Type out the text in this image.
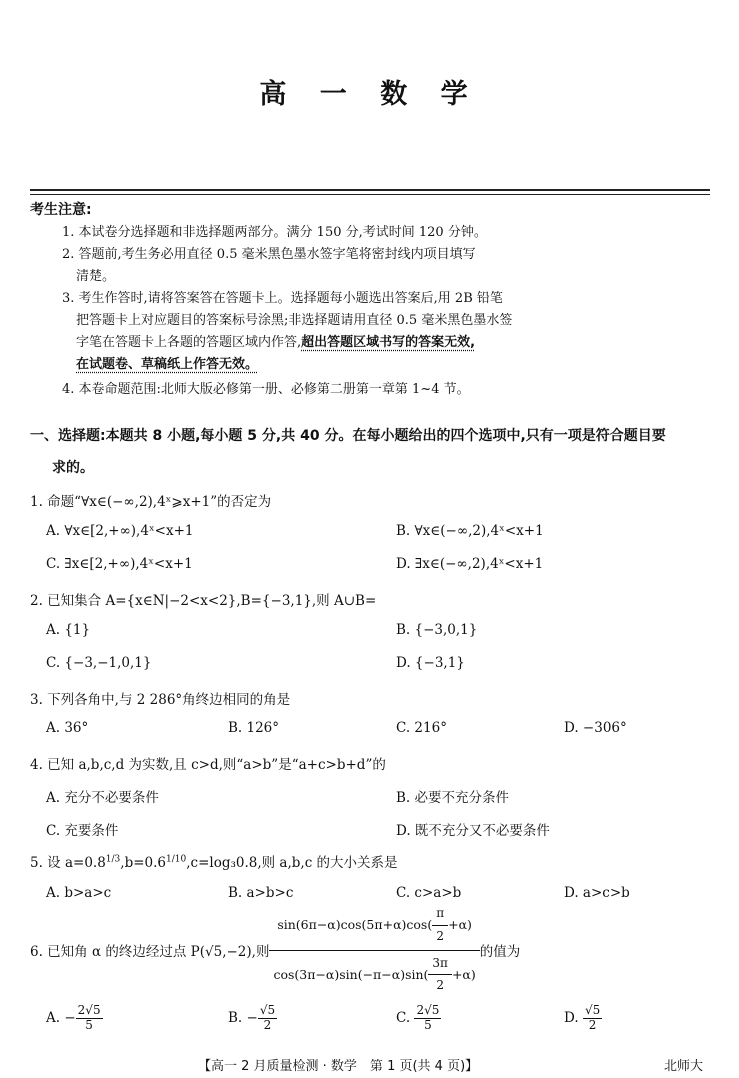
高 一 数 学
考生注意:
1. 本试卷分选择题和非选择题两部分。满分 150 分,考试时间 120 分钟。
2. 答题前,考生务必用直径 0.5 毫米黑色墨水签字笔将密封线内项目填写
清楚。
3. 考生作答时,请将答案答在答题卡上。选择题每小题选出答案后,用 2B 铅笔
把答题卡上对应题目的答案标号涂黑;非选择题请用直径 0.5 毫米黑色墨水签
字笔在答题卡上各题的答题区域内作答,超出答题区域书写的答案无效,
在试题卷、草稿纸上作答无效。
4. 本卷命题范围:北师大版必修第一册、必修第二册第一章第 1~4 节。
一、选择题:本题共 8 小题,每小题 5 分,共 40 分。在每小题给出的四个选项中,只有一项是符合题目要
求的。
1. 命题“∀x∈(−∞,2),4ˣ⩾x+1”的否定为
A. ∀x∈[2,+∞),4ˣ<x+1	B. ∀x∈(−∞,2),4ˣ<x+1
C. ∃x∈[2,+∞),4ˣ<x+1	D. ∃x∈(−∞,2),4ˣ<x+1
2. 已知集合 A={x∈N|−2<x<2},B={−3,1},则 A∪B=
A. {1}	B. {−3,0,1}
C. {−3,−1,0,1}	D. {−3,1}
3. 下列各角中,与 2 286°角终边相同的角是
A. 36°	B. 126°	C. 216°	D. −306°
4. 已知 a,b,c,d 为实数,且 c>d,则“a>b”是“a+c>b+d”的
A. 充分不必要条件	B. 必要不充分条件
C. 充要条件	D. 既不充分又不必要条件
5. 设 $a=0.8^{1/3},b=0.6^{1/10},c=\log_30.8$,则 a,b,c 的大小关系是
A. b>a>c	B. a>b>c	C. c>a>b	D. a>c>b
6. 已知角 α 的终边经过点 P(√5,−2),则 $\frac{\sin(6\pi-\alpha)\cos(5\pi+\alpha)\cos( \frac{\pi}{2} +\alpha)}{\cos(3\pi-\alpha)\sin(-\pi-\alpha)\sin( \frac{3\pi}{2} +\alpha)}$ 的值为
A.
− $\frac{2√5}{5}$	B.
− $\frac{√5}{2}$	C.
$\frac{2√5}{5}$	D.
$\frac{√5}{2}$
【高一 2 月质量检测 · 数学　第 1 页(共 4 页)】	北师大
